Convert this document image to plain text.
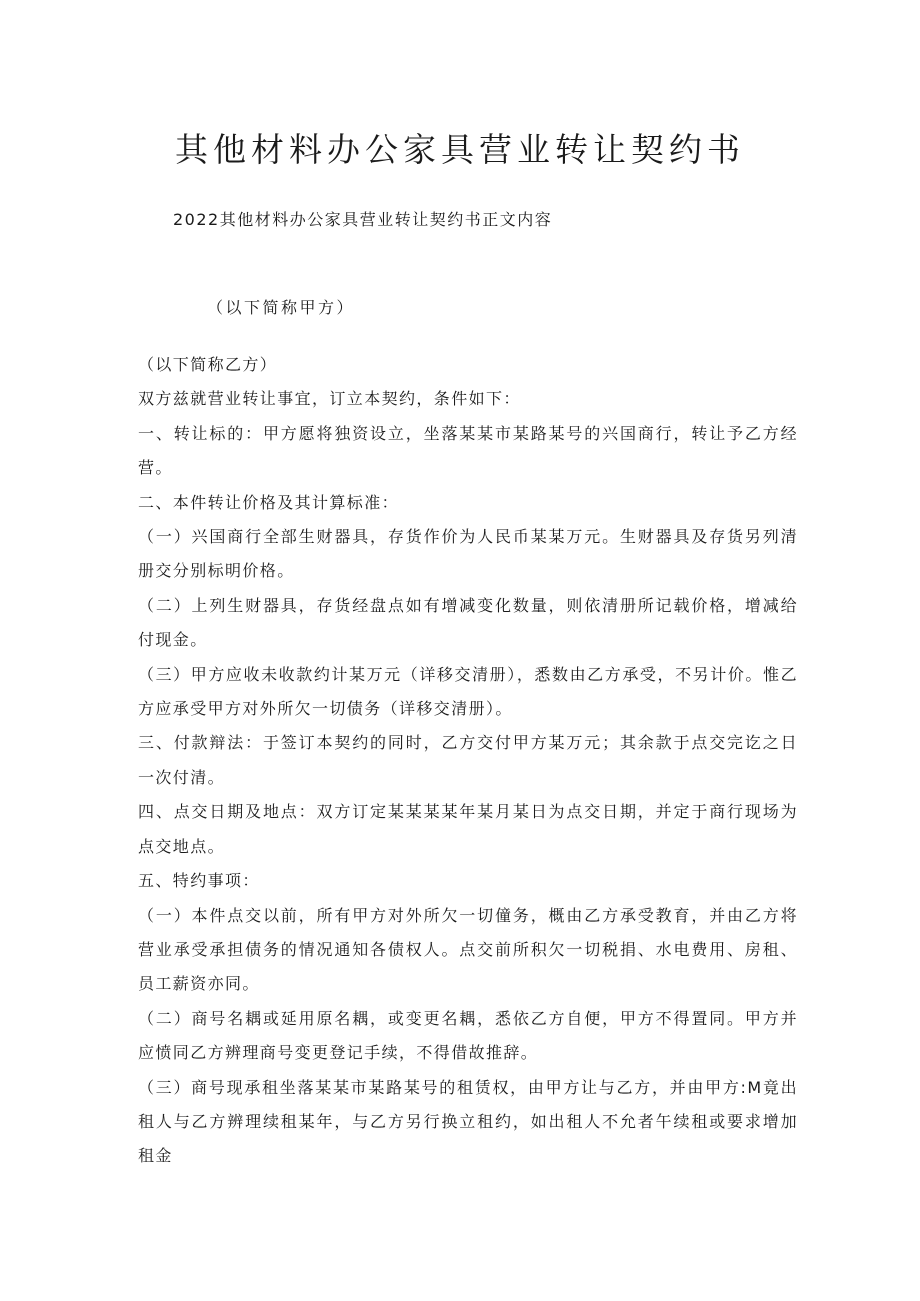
其他材料办公家具营业转让契约书
2022其他材料办公家具营业转让契约书正文内容
（以下简称甲方）

（以下简称乙方）

双方兹就营业转让事宜，订立本契约，条件如下：

一、转让标的：甲方愿将独资设立，坐落某某市某路某号的兴国商行，转让予乙方经营。

二、本件转让价格及其计算标准：

（一）兴国商行全部生财器具，存货作价为人民币某某万元。生财器具及存货另列清册交分别标明价格。

（二）上列生财器具，存货经盘点如有增减变化数量，则依清册所记载价格，增减给付现金。

（三）甲方应收未收款约计某万元（详移交清册），悉数由乙方承受，不另计价。惟乙方应承受甲方对外所欠一切债务（详移交清册）。

三、付款辩法：于签订本契约的同时，乙方交付甲方某万元；其余款于点交完讫之日一次付清。

四、点交日期及地点：双方订定某某某某年某月某日为点交日期，并定于商行现场为点交地点。

五、特约事项：

（一）本件点交以前，所有甲方对外所欠一切僮务，概由乙方承受教育，并由乙方将营业承受承担债务的情况通知各债权人。点交前所积欠一切税捐、水电费用、房租、员工薪资亦同。

（二）商号名耦或延用原名耦，或变更名耦，悉依乙方自便，甲方不得置同。甲方并应愤同乙方辨理商号变更登记手续，不得借故推辞。

（三）商号现承租坐落某某市某路某号的租赁权，由甲方让与乙方，并由甲方:M竟出租人与乙方辨理续租某年，与乙方另行换立租约，如出租人不允者午续租或要求增加租金
